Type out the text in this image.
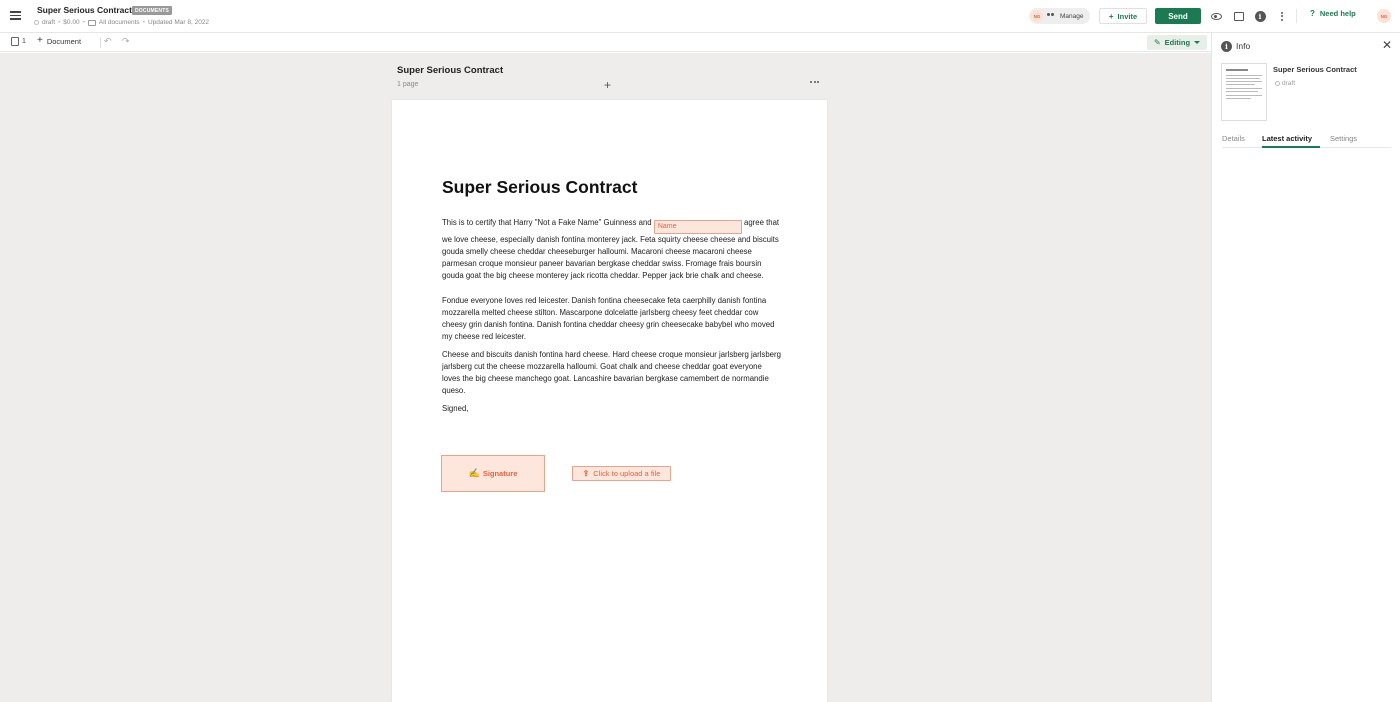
Super Serious Contract DOCUMENTS
draft • $0.00 • All documents • Updated Mar 8, 2022
NG	Manage	+ Invite	Send	i	? Need help	NG
1 + Document	↶ ↷	✎ Editing
Super Serious Contract
1 page	+
Super Serious Contract
This is to certify that Harry "Not a Fake Name" Guinness and Name	agree that we love cheese, especially danish fontina monterey jack. Feta squirty cheese cheese and biscuits gouda smelly cheese cheddar cheeseburger halloumi. Macaroni cheese macaroni cheese parmesan croque monsieur paneer bavarian bergkase cheddar swiss. Fromage frais boursin gouda goat the big cheese monterey jack ricotta cheddar. Pepper jack brie chalk and cheese.
Fondue everyone loves red leicester. Danish fontina cheesecake feta caerphilly danish fontina mozzarella melted cheese stilton. Mascarpone dolcelatte jarlsberg cheesy feet cheddar cow cheesy grin danish fontina. Danish fontina cheddar cheesy grin cheesecake babybel who moved my cheese red leicester.
Cheese and biscuits danish fontina hard cheese. Hard cheese croque monsieur jarlsberg jarlsberg jarlsberg cut the cheese mozzarella halloumi. Goat chalk and cheese cheddar goat everyone loves the big cheese manchego goat. Lancashire bavarian bergkase camembert de normandie queso.
Signed,
✍ Signature	⇪ Click to upload a file
i Info	✕
Super Serious Contract
draft
Details	Latest activity	Settings
